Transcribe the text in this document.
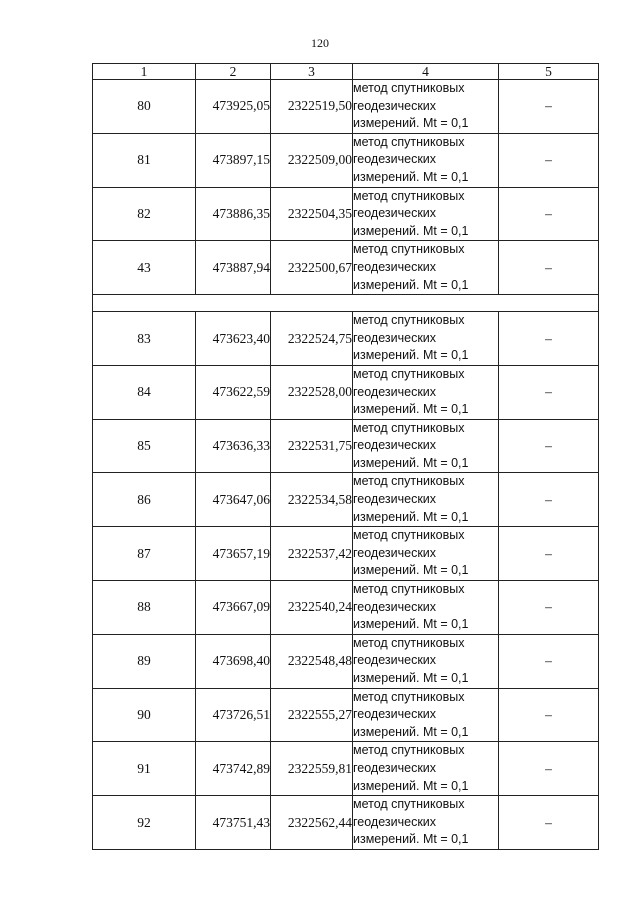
120
1	2	3	4	5
80	473925,05	2322519,50	метод спутниковых
геодезических
измерений. Mt = 0,1	–
81	473897,15	2322509,00	метод спутниковых
геодезических
измерений. Mt = 0,1	–
82	473886,35	2322504,35	метод спутниковых
геодезических
измерений. Mt = 0,1	–
43	473887,94	2322500,67	метод спутниковых
геодезических
измерений. Mt = 0,1	–

83	473623,40	2322524,75	метод спутниковых
геодезических
измерений. Mt = 0,1	–
84	473622,59	2322528,00	метод спутниковых
геодезических
измерений. Mt = 0,1	–
85	473636,33	2322531,75	метод спутниковых
геодезических
измерений. Mt = 0,1	–
86	473647,06	2322534,58	метод спутниковых
геодезических
измерений. Mt = 0,1	–
87	473657,19	2322537,42	метод спутниковых
геодезических
измерений. Mt = 0,1	–
88	473667,09	2322540,24	метод спутниковых
геодезических
измерений. Mt = 0,1	–
89	473698,40	2322548,48	метод спутниковых
геодезических
измерений. Mt = 0,1	–
90	473726,51	2322555,27	метод спутниковых
геодезических
измерений. Mt = 0,1	–
91	473742,89	2322559,81	метод спутниковых
геодезических
измерений. Mt = 0,1	–
92	473751,43	2322562,44	метод спутниковых
геодезических
измерений. Mt = 0,1	–
